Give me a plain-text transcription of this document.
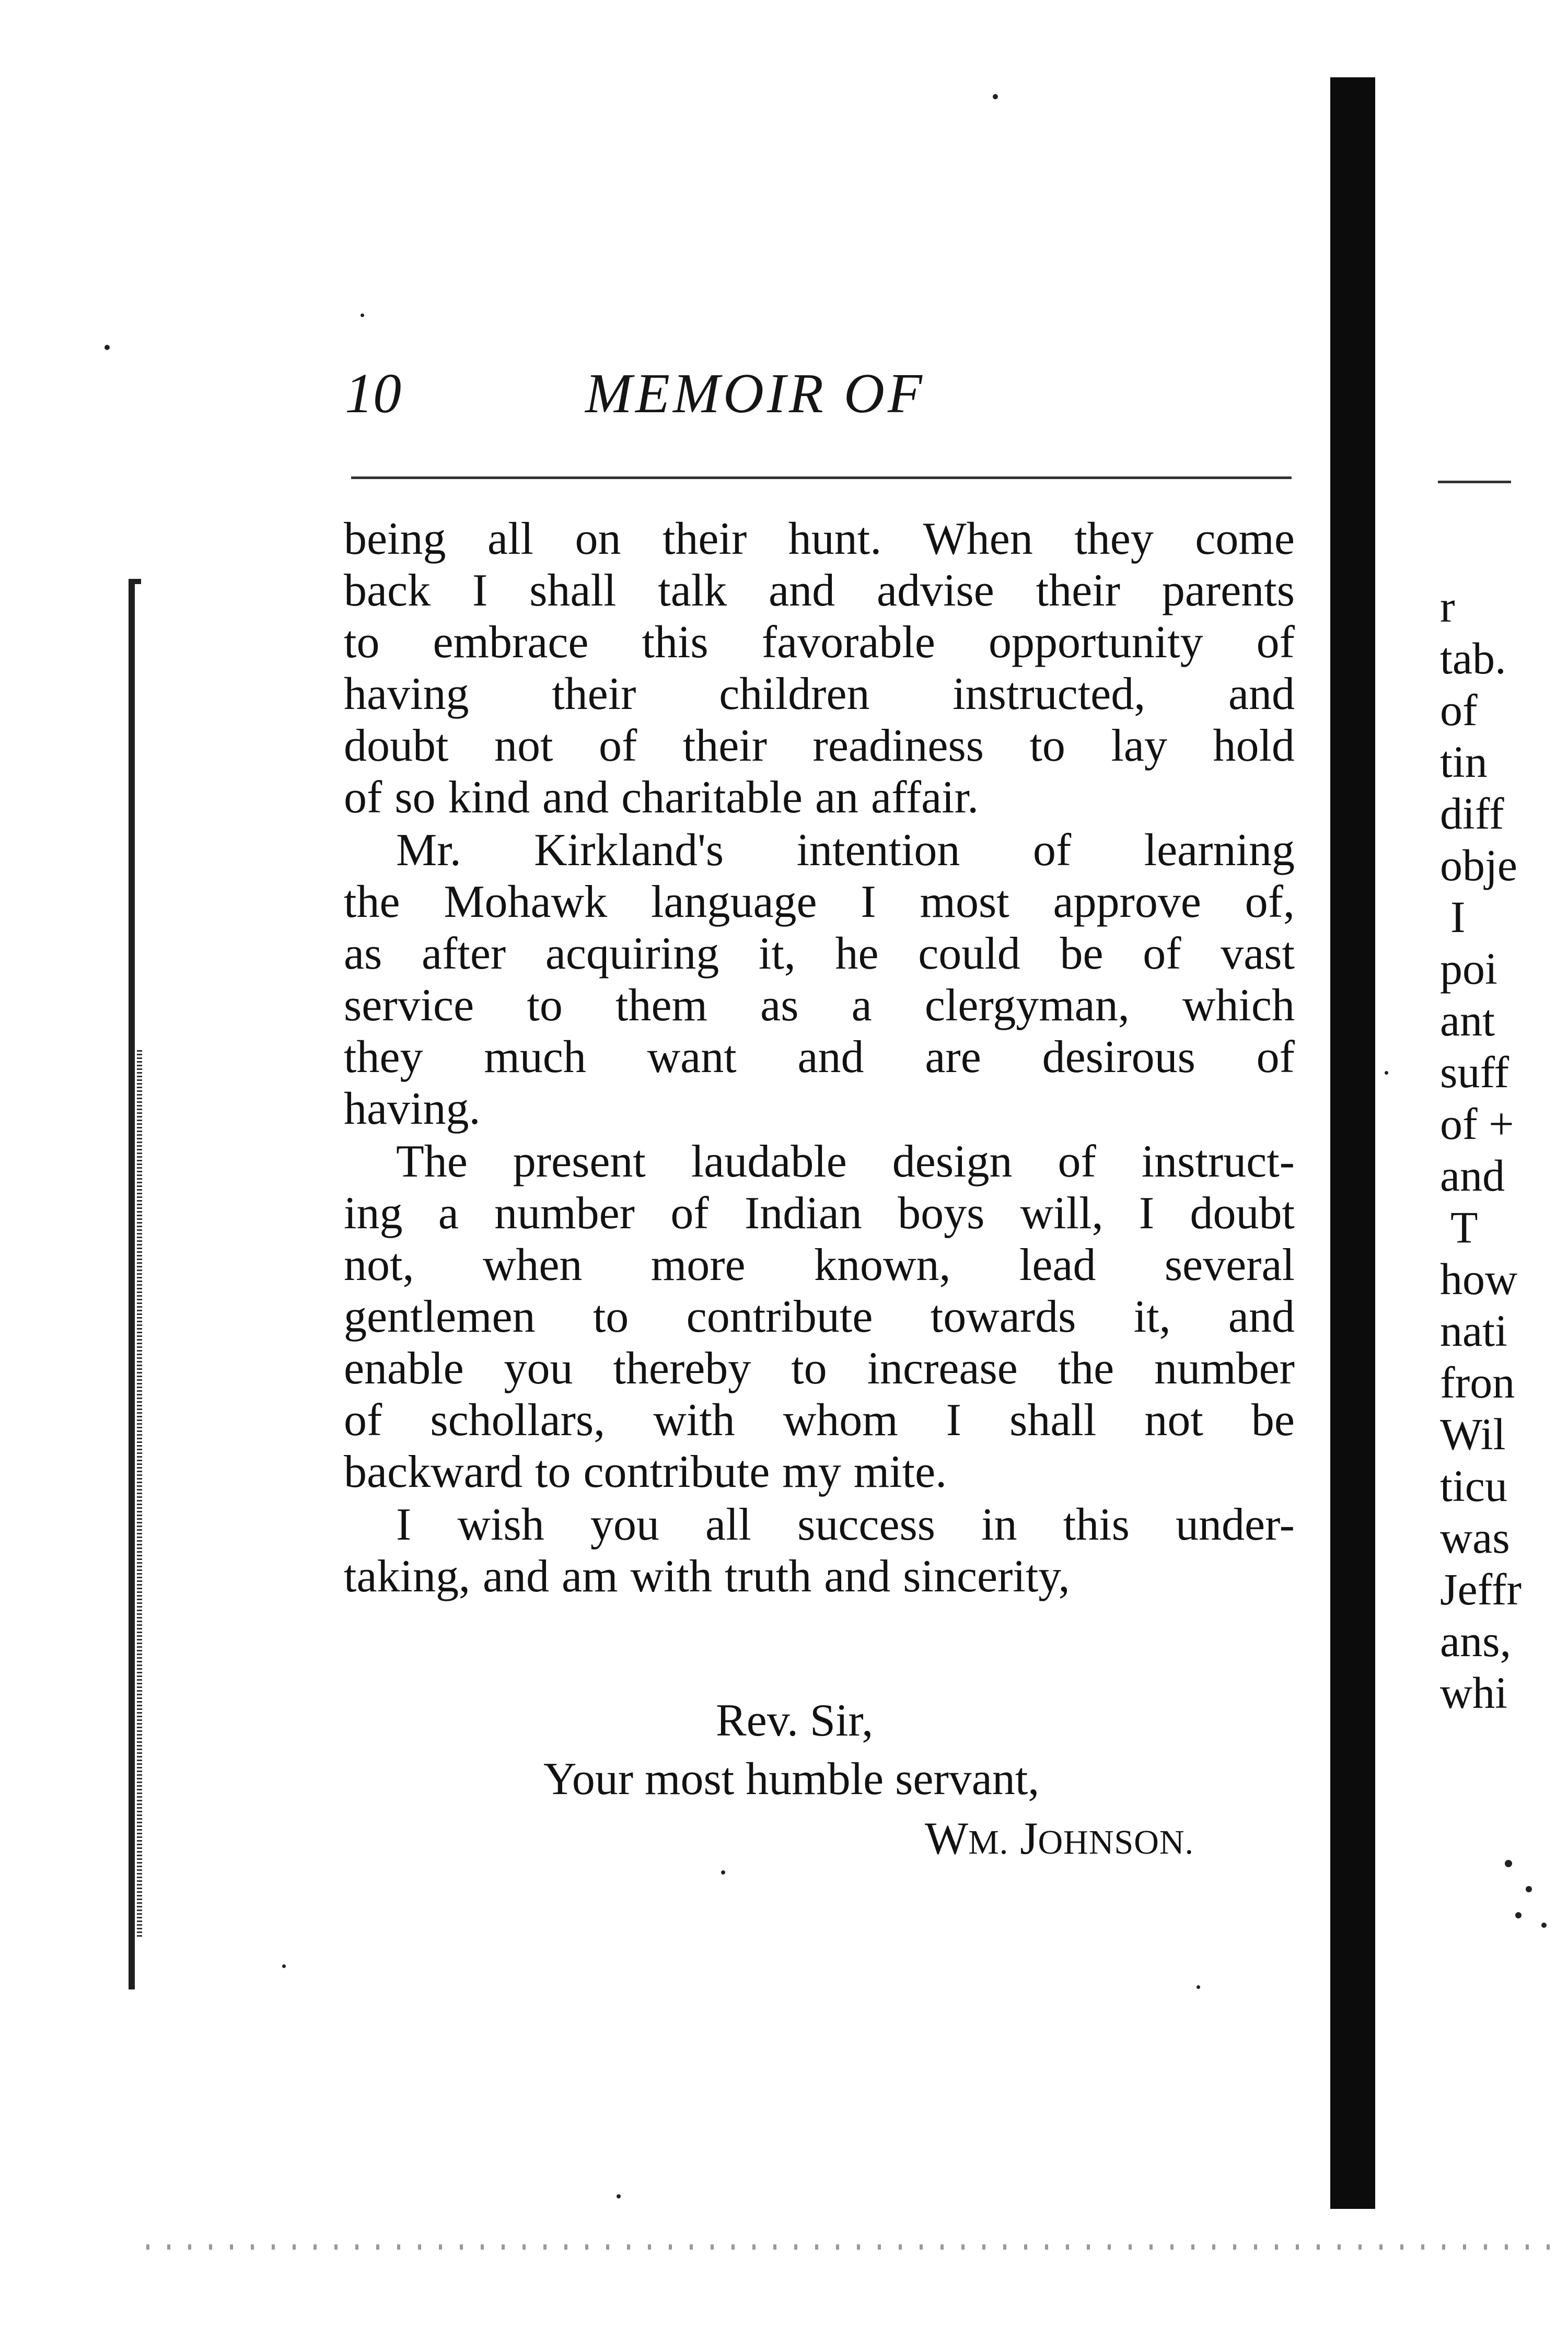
10	MEMOIR OF
being all on their hunt. When they come
back I shall talk and advise their parents
to embrace this favorable opportunity of
having their children instructed, and
doubt not of their readiness to lay hold
of so kind and charitable an affair.
Mr. Kirkland's intention of learning
the Mohawk language I most approve of,
as after acquiring it, he could be of vast
service to them as a clergyman, which
they much want and are desirous of
having.
The present laudable design of instruct-
ing a number of Indian boys will, I doubt
not, when more known, lead several
gentlemen to contribute towards it, and
enable you thereby to increase the number
of schollars, with whom I shall not be
backward to contribute my mite.
I wish you all success in this under-
taking, and am with truth and sincerity,
Rev. Sir,
Your most humble servant,
WM. JOHNSON.
r
tab.
of
tin
diff
obje
I
poi
ant
suff
of +
and
T
how
nati
fron
Wil
ticu
was
Jeffr
ans,
whi
